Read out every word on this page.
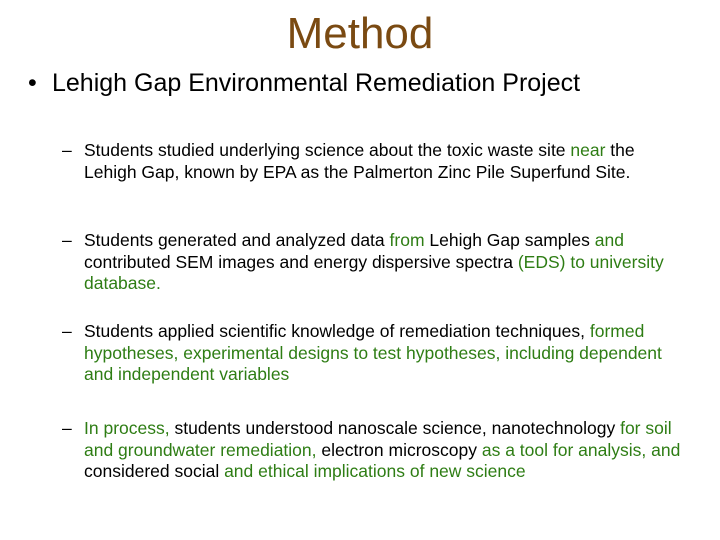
Method
• Lehigh Gap Environmental Remediation Project
– Students studied underlying science about the toxic waste site near the Lehigh Gap, known by EPA as the Palmerton Zinc Pile Superfund Site.
– Students generated and analyzed data from Lehigh Gap samples and contributed SEM images and energy dispersive spectra (EDS) to university database.
– Students applied scientific knowledge of remediation techniques, formed hypotheses, experimental designs to test hypotheses, including dependent and independent variables
– In process, students understood nanoscale science, nanotechnology for soil and groundwater remediation, electron microscopy as a tool for analysis, and considered social and ethical implications of new science
